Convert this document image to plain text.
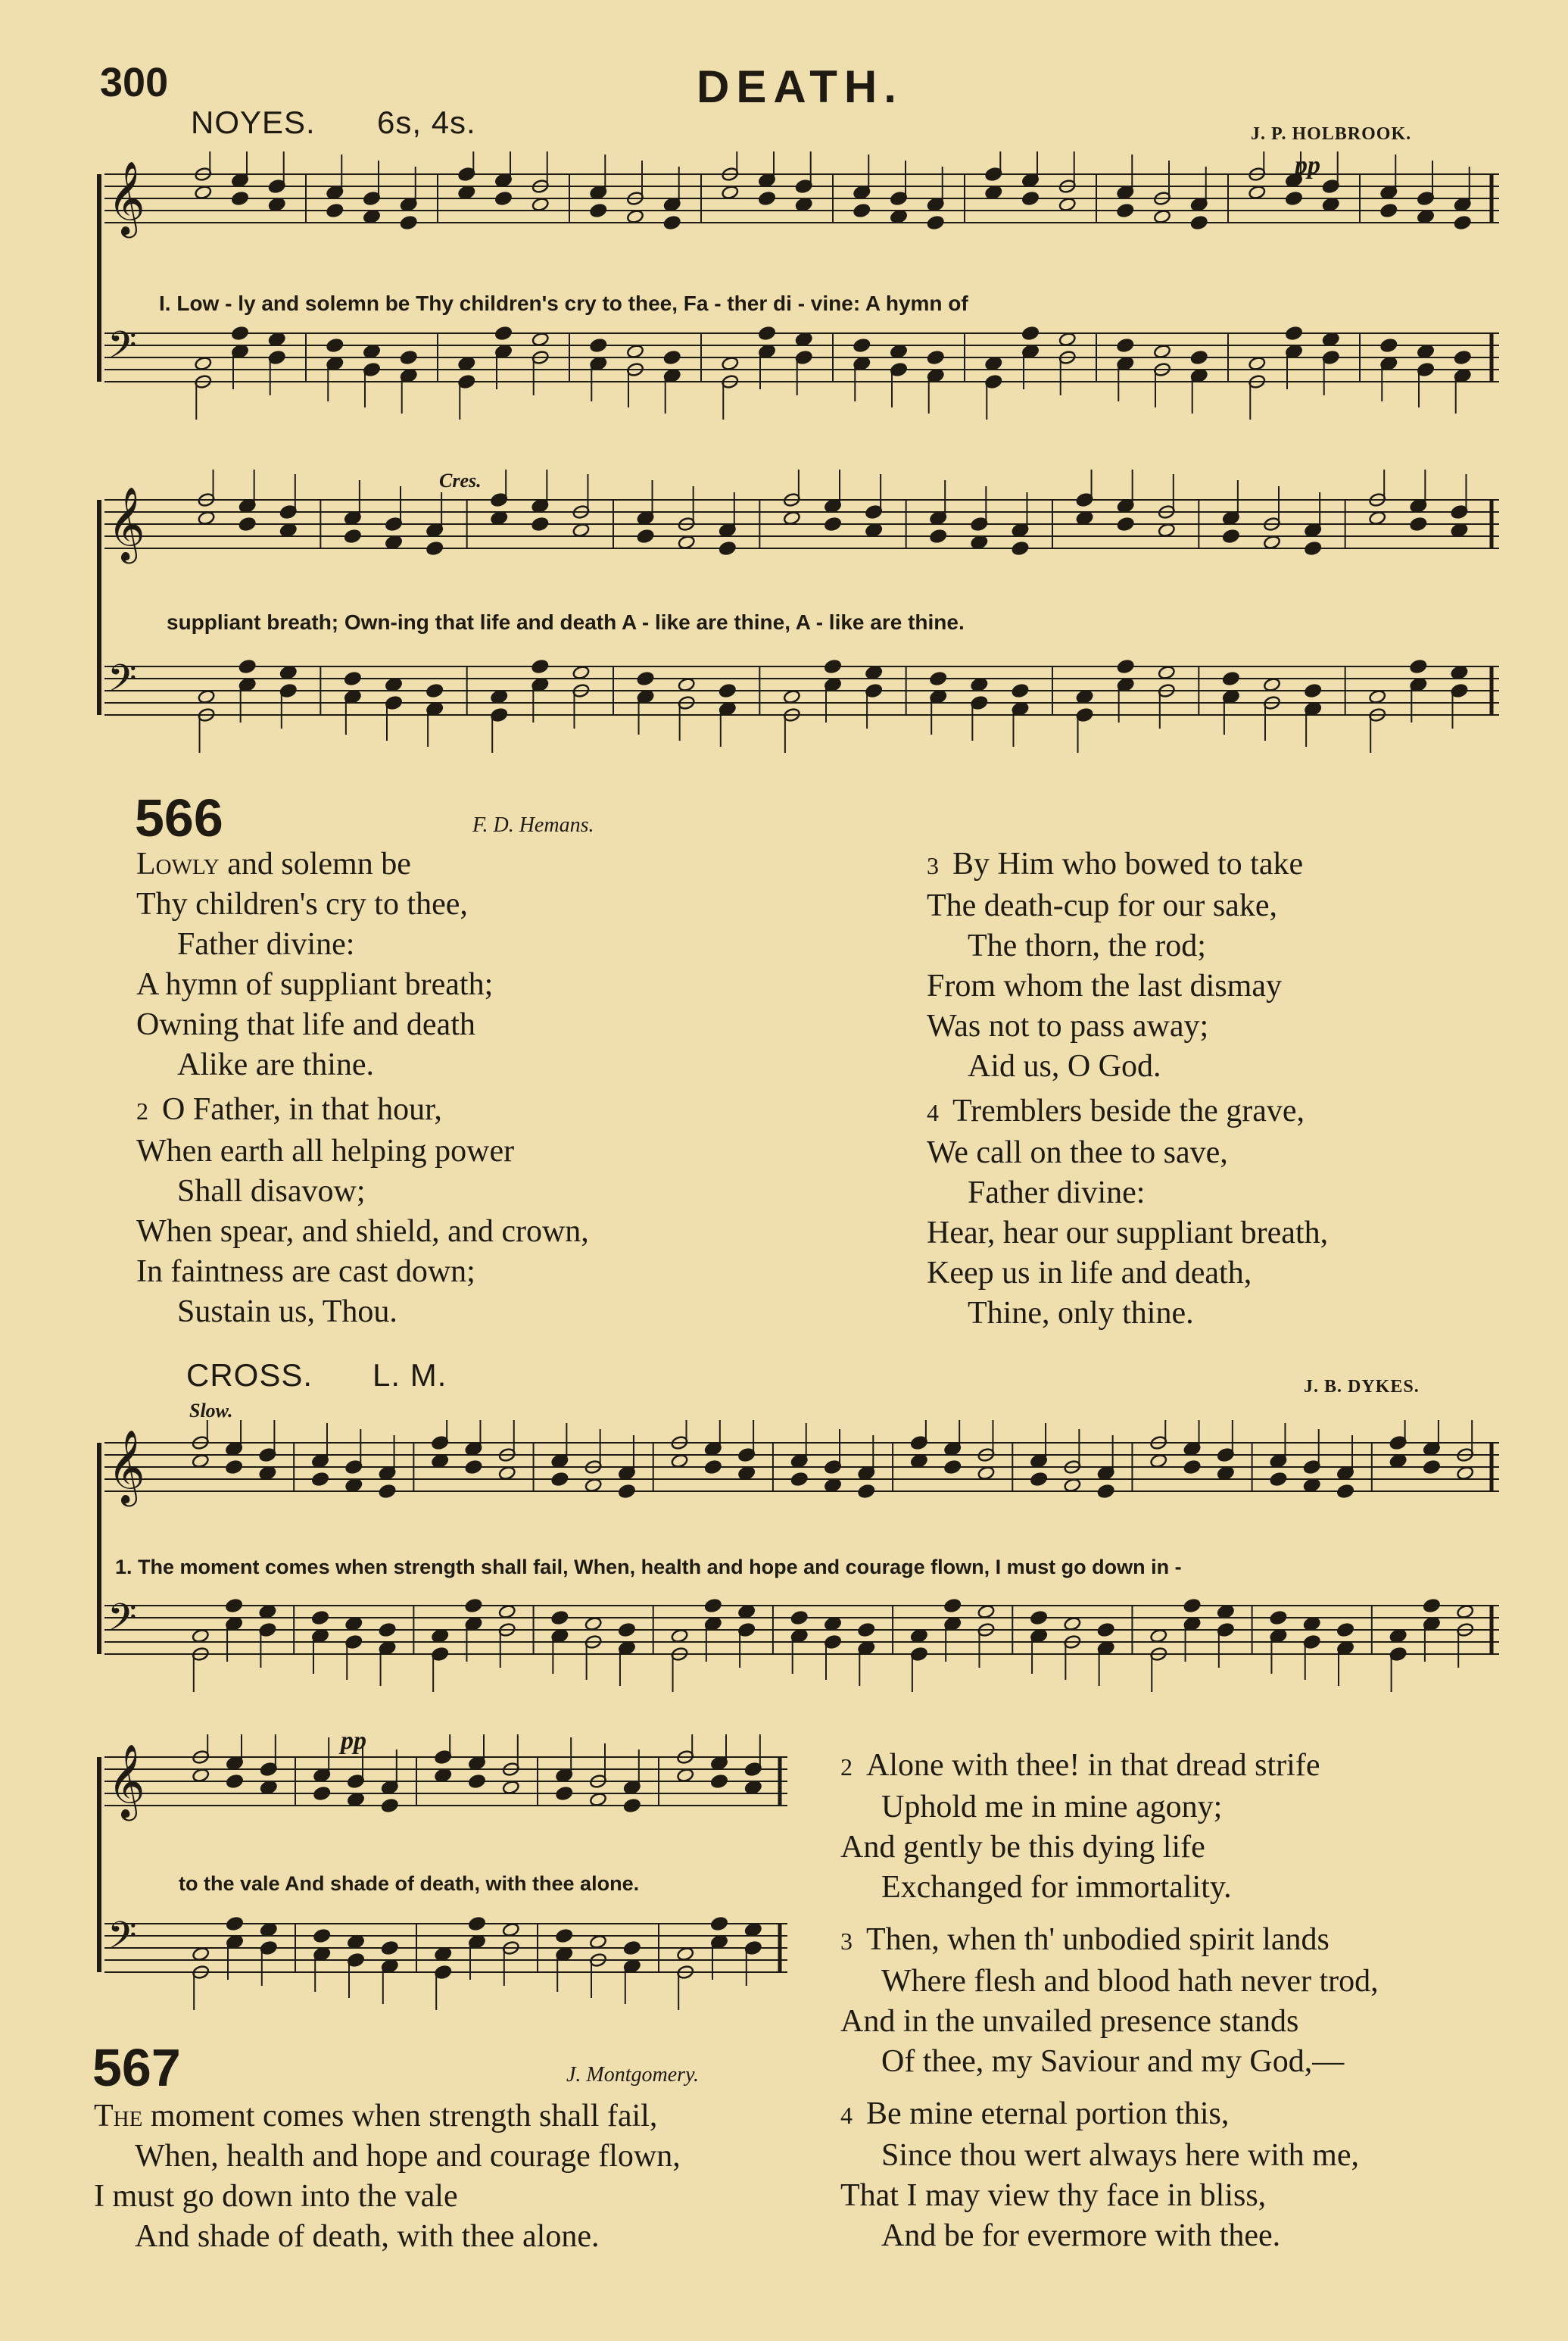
300	DEATH.
NOYES. 6s, 4s.	J. P. HOLBROOK.
𝄞
𝄢
𝄞
𝄢
pp
Cres.
I. Low - ly and solemn be Thy children's cry to thee, Fa - ther di - vine: A hymn of
suppliant breath; Own-ing that life and death A - like are thine, A - like are thine.
566	F. D. Hemans.
Lowly and solemn be
Thy children's cry to thee,
Father divine:
A hymn of suppliant breath;
Owning that life and death
Alike are thine.
2 O Father, in that hour,
When earth all helping power
Shall disavow;
When spear, and shield, and crown,
In faintness are cast down;
Sustain us, Thou.
3 By Him who bowed to take
The death-cup for our sake,
The thorn, the rod;
From whom the last dismay
Was not to pass away;
Aid us, O God.
4 Tremblers beside the grave,
We call on thee to save,
Father divine:
Hear, hear our suppliant breath,
Keep us in life and death,
Thine, only thine.
CROSS. L. M.	J. B. DYKES.
Slow.
𝄞
𝄢
𝄞
𝄢
1. The moment comes when strength shall fail, When, health and hope and courage flown, I must go down in -
pp
to the vale And shade of death, with thee alone.
567	J. Montgomery.
The moment comes when strength shall fail,
When, health and hope and courage flown,
I must go down into the vale
And shade of death, with thee alone.
2 Alone with thee! in that dread strife
Uphold me in mine agony;
And gently be this dying life
Exchanged for immortality.
3 Then, when th' unbodied spirit lands
Where flesh and blood hath never trod,
And in the unvailed presence stands
Of thee, my Saviour and my God,—
4 Be mine eternal portion this,
Since thou wert always here with me,
That I may view thy face in bliss,
And be for evermore with thee.
